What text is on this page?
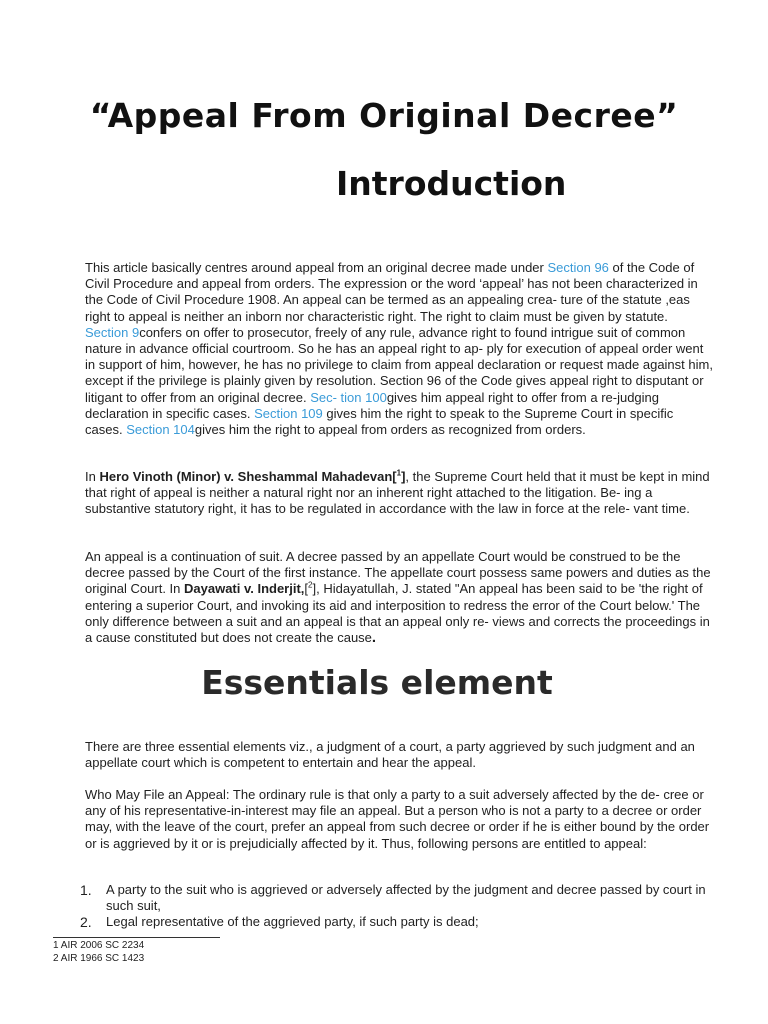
“Appeal From Original Decree”
Introduction

This article basically centres around appeal from an original decree made under Section 96 of the Code of Civil Procedure and appeal from orders. The expression or the word ‘appeal’ has not been characterized in the Code of Civil Procedure 1908. An appeal can be termed as an appealing crea- ture of the statute ,eas right to appeal is neither an inborn nor characteristic right. The right to claim must be given by statute. Section 9confers on offer to prosecutor, freely of any rule, advance right to found intrigue suit of common nature in advance official courtroom. So he has an appeal right to ap- ply for execution of appeal order went in support of him, however, he has no privilege to claim from appeal declaration or request made against him, except if the privilege is plainly given by resolution. Section 96 of the Code gives appeal right to disputant or litigant to offer from an original decree. Sec- tion 100gives him appeal right to offer from a re-judging declaration in specific cases. Section 109 gives him the right to speak to the Supreme Court in specific cases. Section 104gives him the right to appeal from orders as recognized from orders.

In Hero Vinoth (Minor) v. Sheshammal Mahadevan[$^1$], the Supreme Court held that it must be kept in mind that right of appeal is neither a natural right nor an inherent right attached to the litigation. Be- ing a substantive statutory right, it has to be regulated in accordance with the law in force at the rele- vant time.

An appeal is a continuation of suit. A decree passed by an appellate Court would be construed to be the decree passed by the Court of the first instance. The appellate court possess same powers and duties as the original Court. In Dayawati v. Inderjit,[$^2$], Hidayatullah, J. stated "An appeal has been said to be 'the right of entering a superior Court, and invoking its aid and interposition to redress the error of the Court below.' The only difference between a suit and an appeal is that an appeal only re- views and corrects the proceedings in a cause constituted but does not create the cause.

Essentials element

There are three essential elements viz., a judgment of a court, a party aggrieved by such judgment and an appellate court which is competent to entertain and hear the appeal.

Who May File an Appeal: The ordinary rule is that only a party to a suit adversely affected by the de- cree or any of his representative-in-interest may file an appeal. But a person who is not a party to a decree or order may, with the leave of the court, prefer an appeal from such decree or order if he is either bound by the order or is aggrieved by it or is prejudicially affected by it. Thus, following persons are entitled to appeal:

1. A party to the suit who is aggrieved or adversely affected by the judgment and decree passed by court in such suit,
2. Legal representative of the aggrieved party, if such party is dead;
1 AIR 2006 SC 2234
2 AIR 1966 SC 1423
